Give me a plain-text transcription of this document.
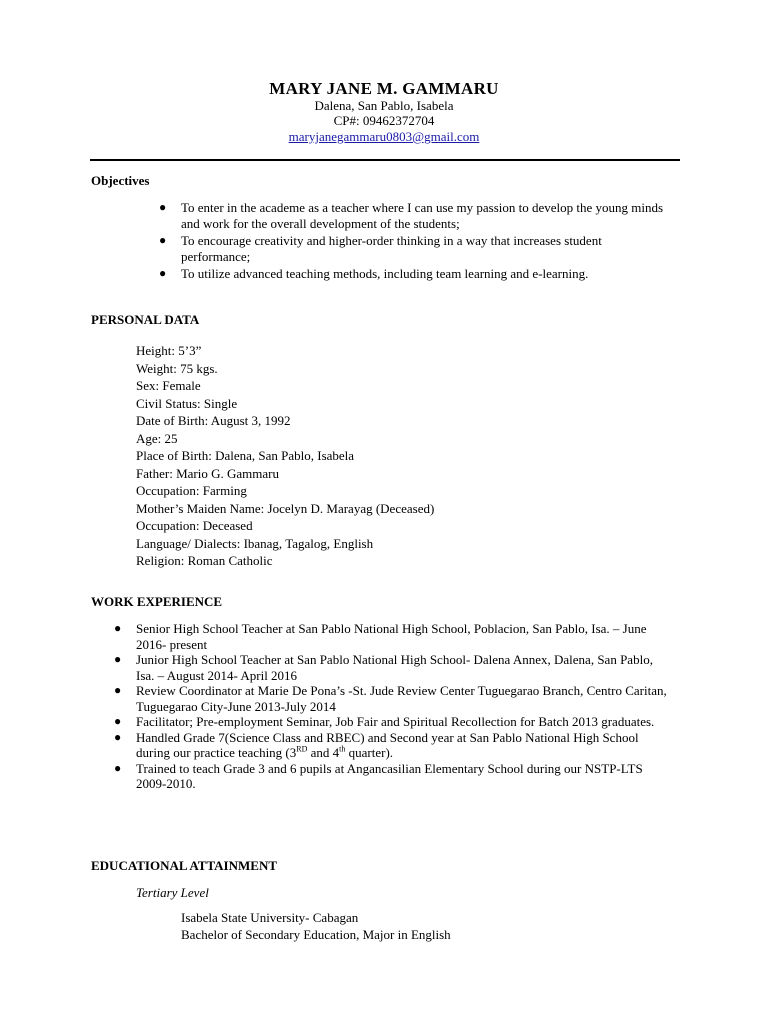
MARY JANE M. GAMMARU
Dalena, San Pablo, Isabela
CP#: 09462372704
maryjanegammaru0803@gmail.com
Objectives
● To enter in the academe as a teacher where I can use my passion to develop the young minds and work for the overall development of the students;
● To encourage creativity and higher-order thinking in a way that increases student performance;
● To utilize advanced teaching methods, including team learning and e-learning.
PERSONAL DATA
Height: 5’3”
Weight: 75 kgs.
Sex: Female
Civil Status: Single
Date of Birth: August 3, 1992
Age: 25
Place of Birth: Dalena, San Pablo, Isabela
Father: Mario G. Gammaru
Occupation: Farming
Mother’s Maiden Name: Jocelyn D. Marayag (Deceased)
Occupation: Deceased
Language/ Dialects: Ibanag, Tagalog, English
Religion: Roman Catholic
WORK EXPERIENCE
● Senior High School Teacher at San Pablo National High School, Poblacion, San Pablo, Isa. – June 2016- present
● Junior High School Teacher at San Pablo National High School- Dalena Annex, Dalena, San Pablo, Isa. – August 2014- April 2016
● Review Coordinator at Marie De Pona’s -St. Jude Review Center Tuguegarao Branch, Centro Caritan, Tuguegarao City-June 2013-July 2014
● Facilitator; Pre-employment Seminar, Job Fair and Spiritual Recollection for Batch 2013 graduates.
● Handled Grade 7(Science Class and RBEC) and Second year at San Pablo National High School during our practice teaching (3RD and 4th quarter).
● Trained to teach Grade 3 and 6 pupils at Angancasilian Elementary School during our NSTP-LTS 2009-2010.
EDUCATIONAL ATTAINMENT
Tertiary Level
Isabela State University- Cabagan
Bachelor of Secondary Education, Major in English
